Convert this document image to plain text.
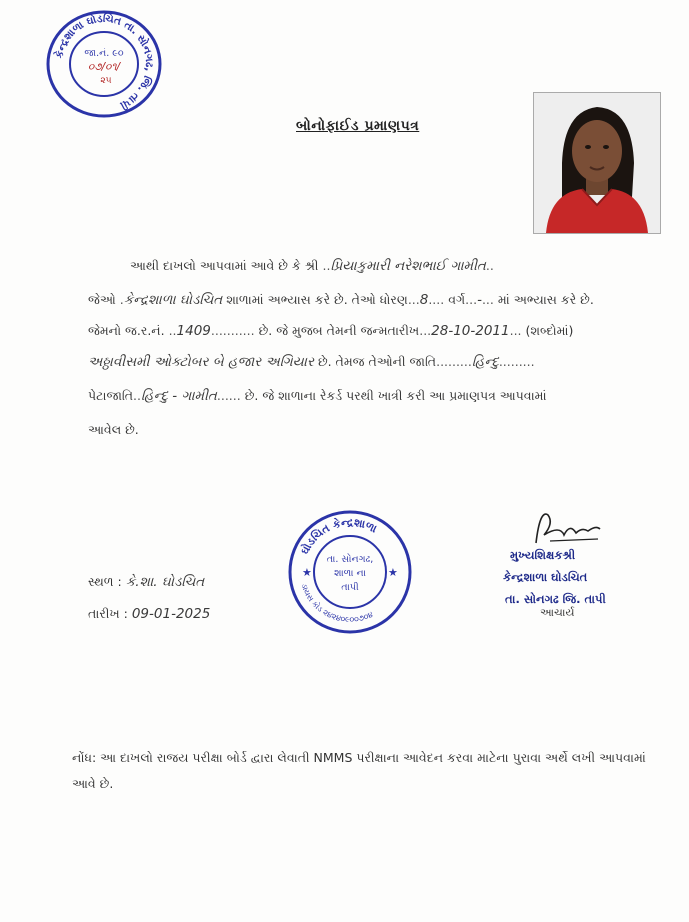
કેન્દ્રશાળા ઘોડચિત તા. સોનગઢ, જિ. તાપી
જા.નં. ૯૦
૦૭/૦૧/
૨૫
બોનોફાઈડ પ્રમાણપત્ર
આથી દાખલો આપવામાં આવે છે કે શ્રી ..પ્રિયાકુમારી નરેશભાઈ ગામીત..
જેઓ .કેન્દ્રશાળા ઘોડચિત શાળામાં અભ્યાસ કરે છે. તેઓ ધોરણ...8.... વર્ગ...-... માં અભ્યાસ કરે છે.
જેમનો જ.ર.નં. ..1409........... છે. જે મુજબ તેમની જન્મતારીખ...28-10-2011... (શબ્દોમાં)
અઠ્ઠાવીસમી ઓક્ટોબર બે હજાર અગિયાર છે. તેમજ તેઓની જાતિ.........હિન્દુ.........
પેટાજાતિ..હિન્દુ - ગામીત...... છે. જે શાળાના રેકર્ડ પરથી ખાત્રી કરી આ પ્રમાણપત્ર આપવામાં
આવેલ છે.
સ્થળ : કે.શા. ઘોડચિત
તારીખ : 09-01-2025
ઘોડચિત કેન્દ્રશાળા
ડાયસ કોડ ૨૪૨૪૦૯૦૦૭૦૪
★	★
તા. સોનગઢ,
શાળા ના
તાપી
મુખ્યશિક્ષકશ્રી
કેન્દ્રશાળા ઘોડચિત
તા. સોનગઢ જિ. તાપી
આચાર્ય
નોંધ: આ દાખલો રાજય પરીક્ષા બોર્ડ દ્વારા લેવાતી NMMS પરીક્ષાના આવેદન કરવા માટેના પુરાવા અર્થે લખી આપવામાં આવે છે.
